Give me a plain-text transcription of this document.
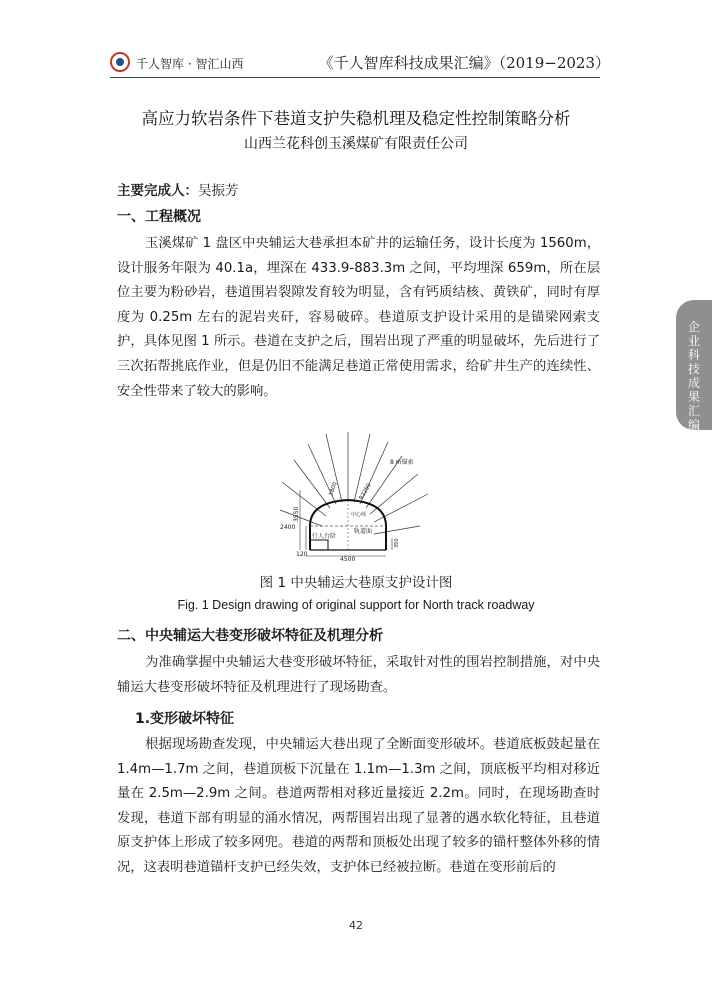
千人智库 · 智汇山西	《千人智库科技成果汇编》（2019−2023）
高应力软岩条件下巷道支护失稳机理及稳定性控制策略分析
山西兰花科创玉溪煤矿有限责任公司
主要完成人：吴振芳
一、工程概况

玉溪煤矿 1 盘区中央辅运大巷承担本矿井的运输任务，设计长度为 1560m，设计服务年限为 40.1a，埋深在 433.9-883.3m 之间，平均埋深 659m，所在层位主要为粉砂岩，巷道围岩裂隙发育较为明显，含有钙质结核、黄铁矿，同时有厚度为 0.25m 左右的泥岩夹矸，容易破碎。巷道原支护设计采用的是锚梁网索支护，具体见图 1 所示。巷道在支护之后，围岩出现了严重的明显破坏，先后进行了三次拓帮挑底作业，但是仍旧不能满足巷道正常使用需求，给矿井生产的连续性、安全性带来了较大的影响。

8 m锚索
3550
2400
1800	R2250
中心线
轨道面
行人台阶
120
4500
350
图 1 中央辅运大巷原支护设计图
Fig. 1 Design drawing of original support for North track roadway
二、中央辅运大巷变形破坏特征及机理分析

为准确掌握中央辅运大巷变形破坏特征，采取针对性的围岩控制措施，对中央辅运大巷变形破坏特征及机理进行了现场勘查。

1.变形破坏特征

根据现场勘查发现，中央辅运大巷出现了全断面变形破坏。巷道底板鼓起量在 1.4m—1.7m 之间，巷道顶板下沉量在 1.1m—1.3m 之间，顶底板平均相对移近量在 2.5m—2.9m 之间。巷道两帮相对移近量接近 2.2m。同时，在现场勘查时发现，巷道下部有明显的涌水情况，两帮围岩出现了显著的遇水软化特征，且巷道原支护体上形成了较多网兜。巷道的两帮和顶板处出现了较多的锚杆整体外移的情况，这表明巷道锚杆支护已经失效，支护体已经被拉断。巷道在变形前后的

企业科技成果汇编
42
